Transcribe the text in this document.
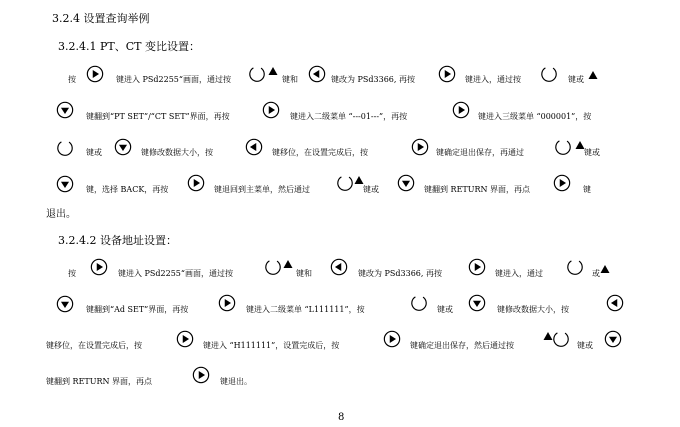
3.2.4 设置查询举例
3.2.4.1 PT、CT 变比设置：
按	键进入 PSd2255“画面，通过按	键和	键改为 PSd3366, 再按	键进入，通过按	键或
键翻到“PT SET”/“CT SET”界面，再按	键进入二级菜单 “---01---”，再按	键进入三级菜单 “000001”，按
键或	键修改数据大小，按	键移位，在设置完成后，按	键确定退出保存，再通过	键或
键，选择 BACK，再按	键退回到主菜单，然后通过	键或	键翻到 RETURN 界面，再点	键
退出。
3.2.4.2 设备地址设置：
按	键进入 PSd2255“画面，通过按	键和	键改为 PSd3366, 再按	键进入，通过	或
键翻到“Ad SET”界面，再按	键进入二级菜单 “L111111”，按	键或	键修改数据大小，按
键移位，在设置完成后，按	键进入 “H111111”，设置完成后，按	键确定退出保存，然后通过按	键或
键翻到 RETURN 界面，再点	键退出。
8
